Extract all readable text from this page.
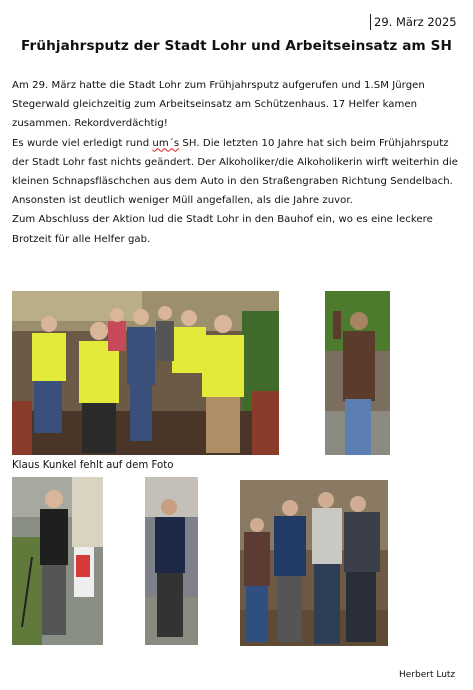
29. März 2025
Frühjahrsputz der Stadt Lohr und Arbeitseinsatz am SH

Am 29. März hatte die Stadt Lohr zum Frühjahrsputz aufgerufen und 1.SM Jürgen Stegerwald gleichzeitig zum Arbeitseinsatz am Schützenhaus. 17 Helfer kamen zusammen. Rekordverdächtig!

Es wurde viel erledigt rund um´s SH. Die letzten 10 Jahre hat sich beim Frühjahrsputz der Stadt Lohr fast nichts geändert. Der Alkoholiker/die Alkoholikerin wirft weiterhin die kleinen Schnapsfläschchen aus dem Auto in den Straßengraben Richtung Sendelbach. Ansonsten ist deutlich weniger Müll angefallen, als die Jahre zuvor.

Zum Abschluss der Aktion lud die Stadt Lohr in den Bauhof ein, wo es eine leckere Brotzeit für alle Helfer gab.

Klaus Kunkel fehlt auf dem Foto
Herbert Lutz
